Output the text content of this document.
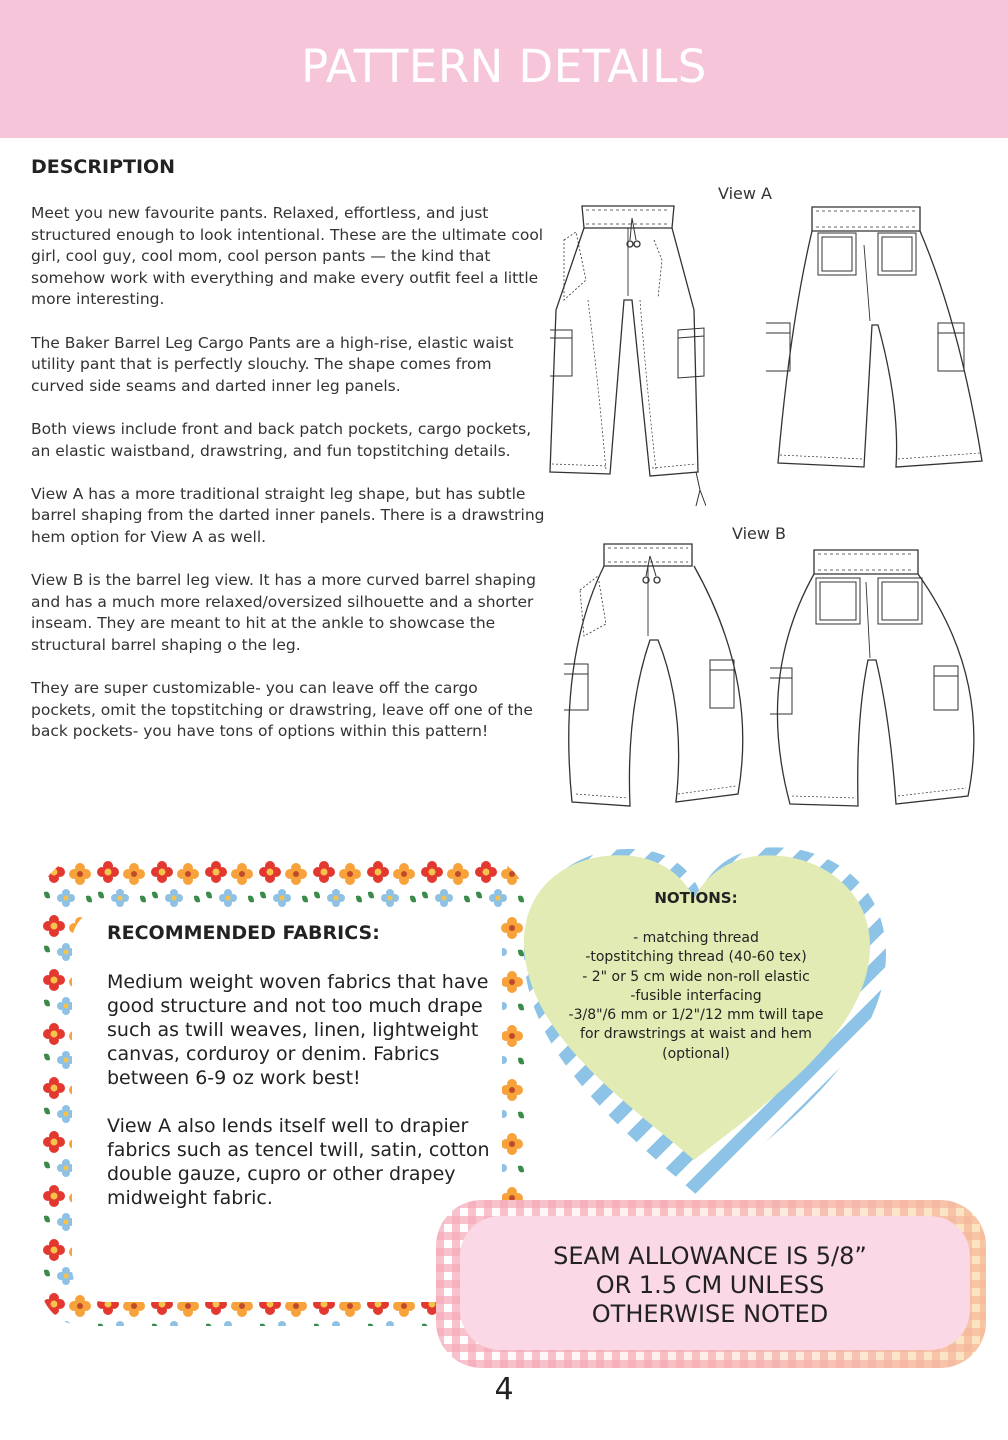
PATTERN DETAILS
DESCRIPTION

Meet you new favourite pants. Relaxed, effortless, and just structured enough to look intentional. These are the ultimate cool girl, cool guy, cool mom, cool person pants — the kind that somehow work with everything and make every outfit feel a little more interesting.

The Baker Barrel Leg Cargo Pants are a high-rise, elastic waist utility pant that is perfectly slouchy. The shape comes from curved side seams and darted inner leg panels.

Both views include front and back patch pockets, cargo pockets, an elastic waistband, drawstring, and fun topstitching details.

View A has a more traditional straight leg shape, but has subtle barrel shaping from the darted inner panels. There is a drawstring hem option for View A as well.

View B is the barrel leg view. It has a more curved barrel shaping and has a much more relaxed/oversized silhouette and a shorter inseam. They are meant to hit at the ankle to showcase the structural barrel shaping o the leg.

They are super customizable- you can leave off the cargo pockets, omit the topstitching or drawstring, leave off one of the back pockets- you have tons of options within this pattern!

View A
View B
RECOMMENDED FABRICS:

Medium weight woven fabrics that have good structure and not too much drape such as twill weaves, linen, lightweight canvas, corduroy or denim. Fabrics between 6-9 oz work best!

View A also lends itself well to drapier fabrics such as tencel twill, satin, cotton double gauze, cupro or other drapey midweight fabric.

NOTIONS:
- matching thread
-topstitching thread (40-60 tex)
- 2" or 5 cm wide non-roll elastic
-fusible interfacing
-3/8"/6 mm or 1/2"/12 mm twill tape for drawstrings at waist and hem (optional)
SEAM ALLOWANCE IS 5/8”
OR 1.5 CM UNLESS
OTHERWISE NOTED
4
